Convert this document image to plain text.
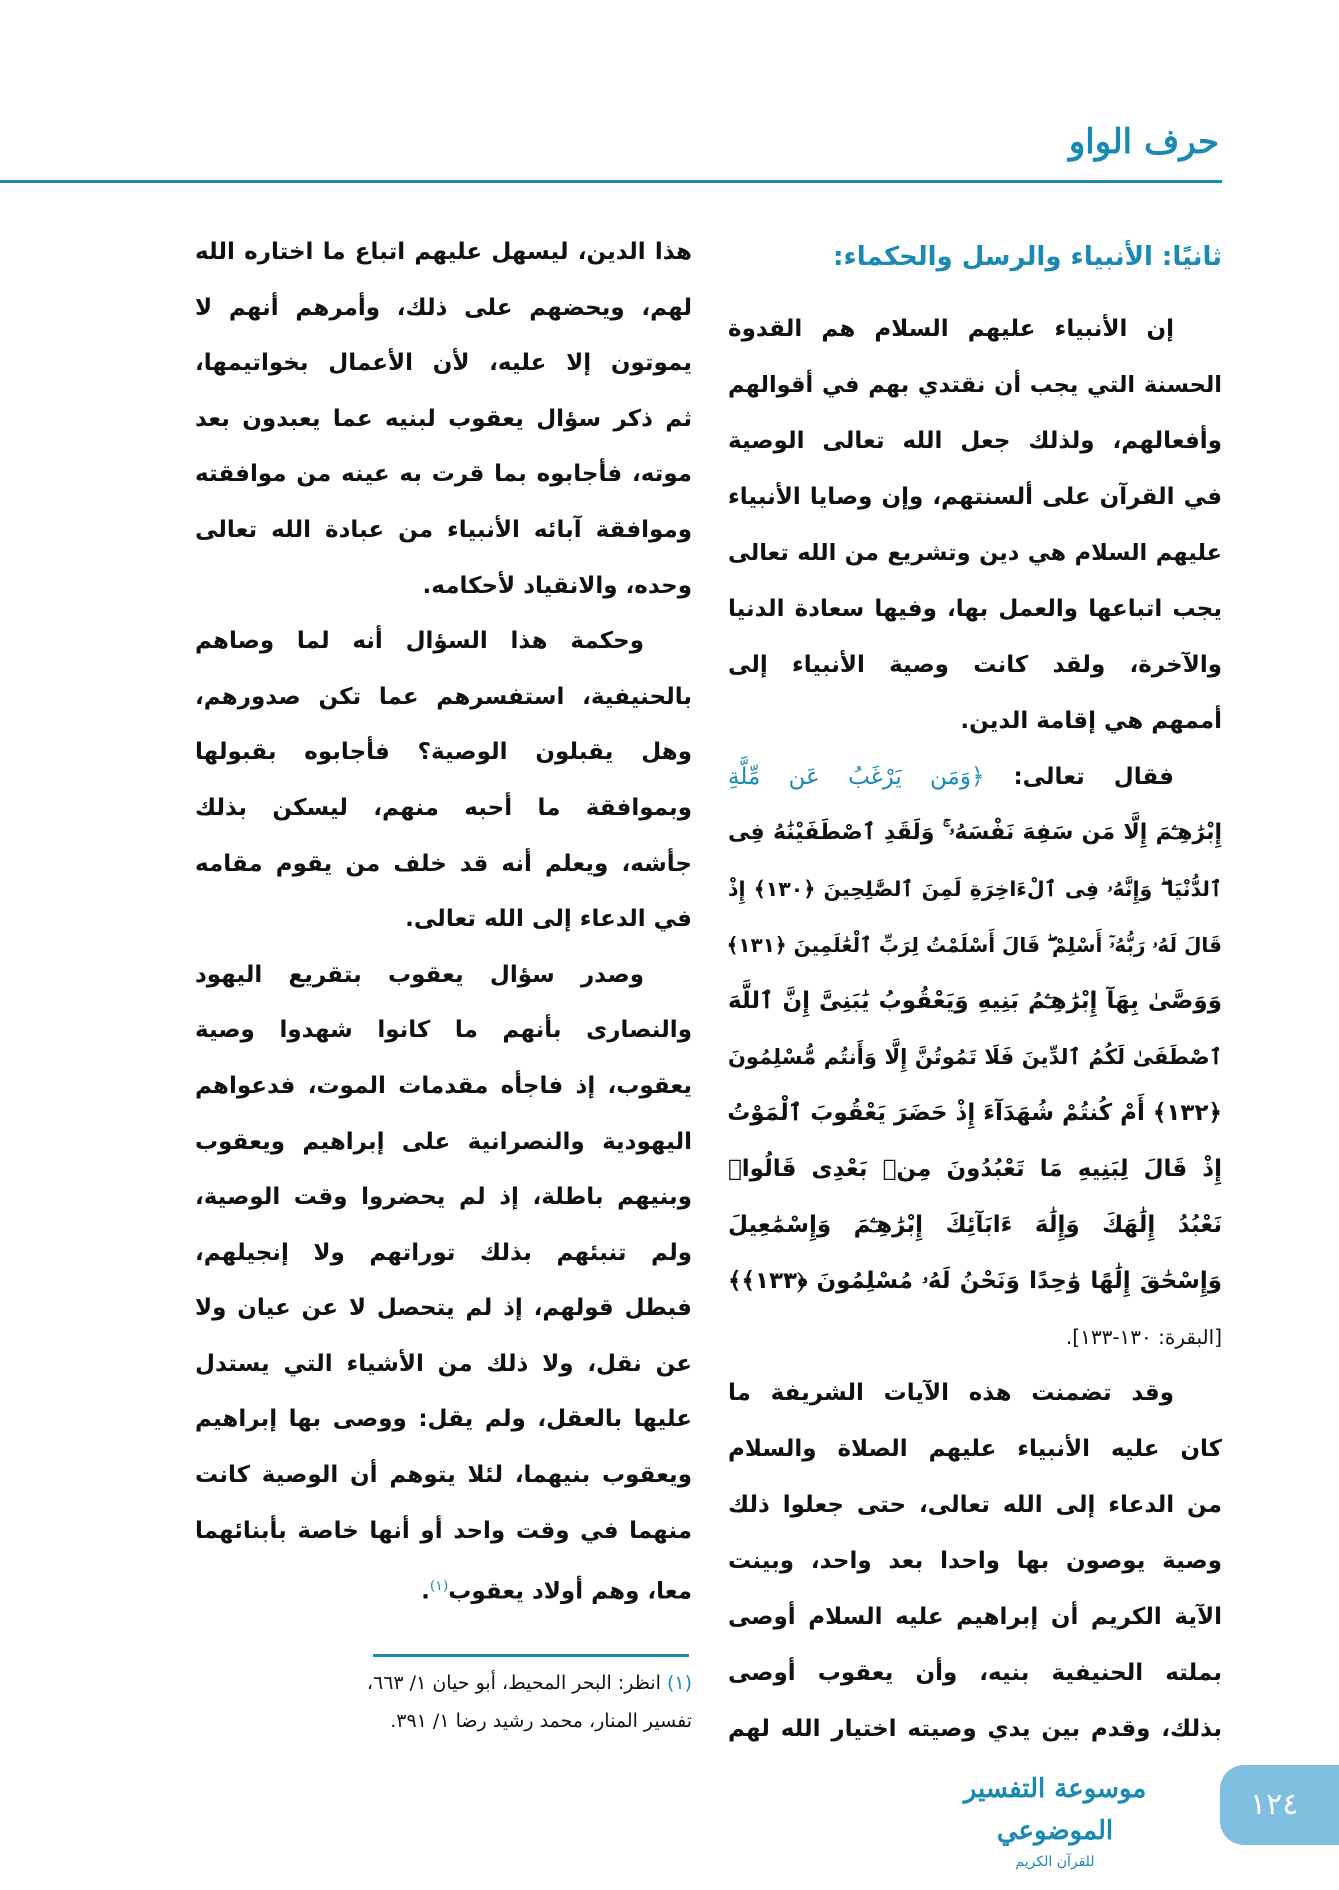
حرف الواو
ثانيًا: الأنبياء والرسل والحكماء:
إن الأنبياء عليهم السلام هم القدوة
الحسنة التي يجب أن نقتدي بهم في أقوالهم
وأفعالهم، ولذلك جعل الله تعالى الوصية
في القرآن على ألسنتهم، وإن وصايا الأنبياء
عليهم السلام هي دين وتشريع من الله تعالى
يجب اتباعها والعمل بها، وفيها سعادة الدنيا
والآخرة، ولقد كانت وصية الأنبياء إلى
أممهم هي إقامة الدين.
فقال تعالى: ﴿وَمَن يَرْغَبُ عَن مِّلَّةِ
إِبْرَٰهِـۧمَ إِلَّا مَن سَفِهَ نَفْسَهُۥ ۚ وَلَقَدِ ٱصْطَفَيْنَٰهُ فِى
ٱلدُّنْيَا ۖ وَإِنَّهُۥ فِى ٱلْءَاخِرَةِ لَمِنَ ٱلصَّٰلِحِينَ ﴿١٣٠﴾ إِذْ
قَالَ لَهُۥ رَبُّهُۥٓ أَسْلِمْ ۖ قَالَ أَسْلَمْتُ لِرَبِّ ٱلْعَٰلَمِينَ ﴿١٣١﴾
وَوَصَّىٰ بِهَآ إِبْرَٰهِـۧمُ بَنِيهِ وَيَعْقُوبُ يَٰبَنِىَّ إِنَّ ٱللَّهَ
ٱصْطَفَىٰ لَكُمُ ٱلدِّينَ فَلَا تَمُوتُنَّ إِلَّا وَأَنتُم مُّسْلِمُونَ
﴿١٣٢﴾ أَمْ كُنتُمْ شُهَدَآءَ إِذْ حَضَرَ يَعْقُوبَ ٱلْمَوْتُ
إِذْ قَالَ لِبَنِيهِ مَا تَعْبُدُونَ مِنۢ بَعْدِى قَالُوا۟
نَعْبُدُ إِلَٰهَكَ وَإِلَٰهَ ءَابَآئِكَ إِبْرَٰهِـۧمَ وَإِسْمَٰعِيلَ
وَإِسْحَٰقَ إِلَٰهًا وَٰحِدًا وَنَحْنُ لَهُۥ مُسْلِمُونَ ﴿١٣٣﴾﴾
[البقرة: ١٣٠-١٣٣].
وقد تضمنت هذه الآيات الشريفة ما
كان عليه الأنبياء عليهم الصلاة والسلام
من الدعاء إلى الله تعالى، حتى جعلوا ذلك
وصية يوصون بها واحدا بعد واحد، وبينت
الآية الكريم أن إبراهيم عليه السلام أوصى
بملته الحنيفية بنيه، وأن يعقوب أوصى
بذلك، وقدم بين يدي وصيته اختيار الله لهم
هذا الدين، ليسهل عليهم اتباع ما اختاره الله
لهم، ويحضهم على ذلك، وأمرهم أنهم لا
يموتون إلا عليه، لأن الأعمال بخواتيمها،
ثم ذكر سؤال يعقوب لبنيه عما يعبدون بعد
موته، فأجابوه بما قرت به عينه من موافقته
وموافقة آبائه الأنبياء من عبادة الله تعالى
وحده، والانقياد لأحكامه.
وحكمة هذا السؤال أنه لما وصاهم
بالحنيفية، استفسرهم عما تكن صدورهم،
وهل يقبلون الوصية؟ فأجابوه بقبولها
وبموافقة ما أحبه منهم، ليسكن بذلك
جأشه، ويعلم أنه قد خلف من يقوم مقامه
في الدعاء إلى الله تعالى.
وصدر سؤال يعقوب بتقريع اليهود
والنصارى بأنهم ما كانوا شهدوا وصية
يعقوب، إذ فاجأه مقدمات الموت، فدعواهم
اليهودية والنصرانية على إبراهيم ويعقوب
وبنيهم باطلة، إذ لم يحضروا وقت الوصية،
ولم تنبئهم بذلك توراتهم ولا إنجيلهم،
فبطل قولهم، إذ لم يتحصل لا عن عيان ولا
عن نقل، ولا ذلك من الأشياء التي يستدل
عليها بالعقل، ولم يقل: ووصى بها إبراهيم
ويعقوب بنيهما، لئلا يتوهم أن الوصية كانت
منهما في وقت واحد أو أنها خاصة بأبنائهما
معا، وهم أولاد يعقوب$^{(١)}$.
(١) انظر: البحر المحيط، أبو حيان ١/ ٦٦٣،
تفسير المنار، محمد رشيد رضا ١/ ٣٩١.
موسوعة التفسير الموضوعي
للقرآن الكريم
١٢٤
